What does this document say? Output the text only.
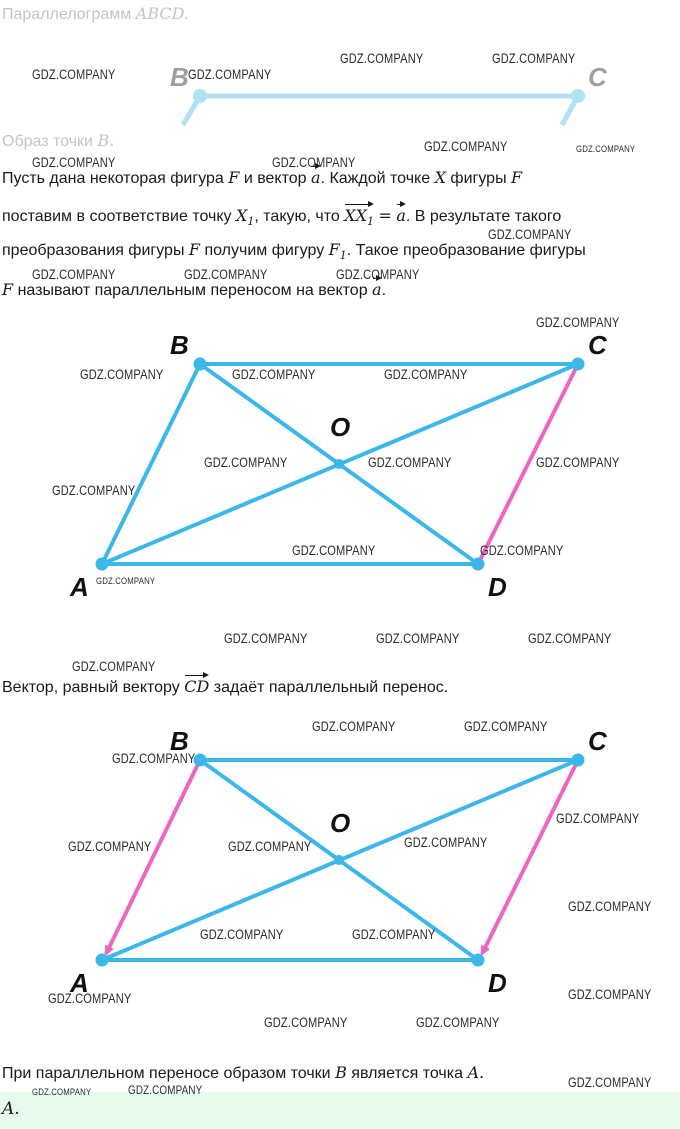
Параллелограмм ABCD.
B	C
Образ точки B.
Пусть дана некоторая фигура F и вектор a. Каждой точке X фигуры F
поставим в соответствие точку $X_1$, такую, что $XX_1 = a$. В результате такого
преобразования фигуры F получим фигуру $F_1$. Такое преобразование фигуры
F называют параллельным переносом на вектор a.
B	C
A	D
O
Вектор, равный вектору CD задаёт параллельный перенос.
B	C
A	D
O
При параллельном переносе образом точки B является точка A.
A.
GDZ.COMPANY	GDZ.COMPANY
GDZ.COMPANY	GDZ.COMPANY
GDZ.COMPANY	GDZ.COMPANY
GDZ.COMPANY	GDZ.COMPANY
GDZ.COMPANY
GDZ.COMPANY	GDZ.COMPANY	GDZ.COMPANY
GDZ.COMPANY
GDZ.COMPANY	GDZ.COMPANY	GDZ.COMPANY
GDZ.COMPANY	GDZ.COMPANY	GDZ.COMPANY
GDZ.COMPANY
GDZ.COMPANY	GDZ.COMPANY
GDZ.COMPANY
GDZ.COMPANY	GDZ.COMPANY	GDZ.COMPANY
GDZ.COMPANY
GDZ.COMPANY	GDZ.COMPANY
GDZ.COMPANY
GDZ.COMPANY
GDZ.COMPANY
GDZ.COMPANY	GDZ.COMPANY
GDZ.COMPANY
GDZ.COMPANY	GDZ.COMPANY
GDZ.COMPANY	GDZ.COMPANY
GDZ.COMPANY	GDZ.COMPANY
GDZ.COMPANY
GDZ.COMPANY	GDZ.COMPANY
